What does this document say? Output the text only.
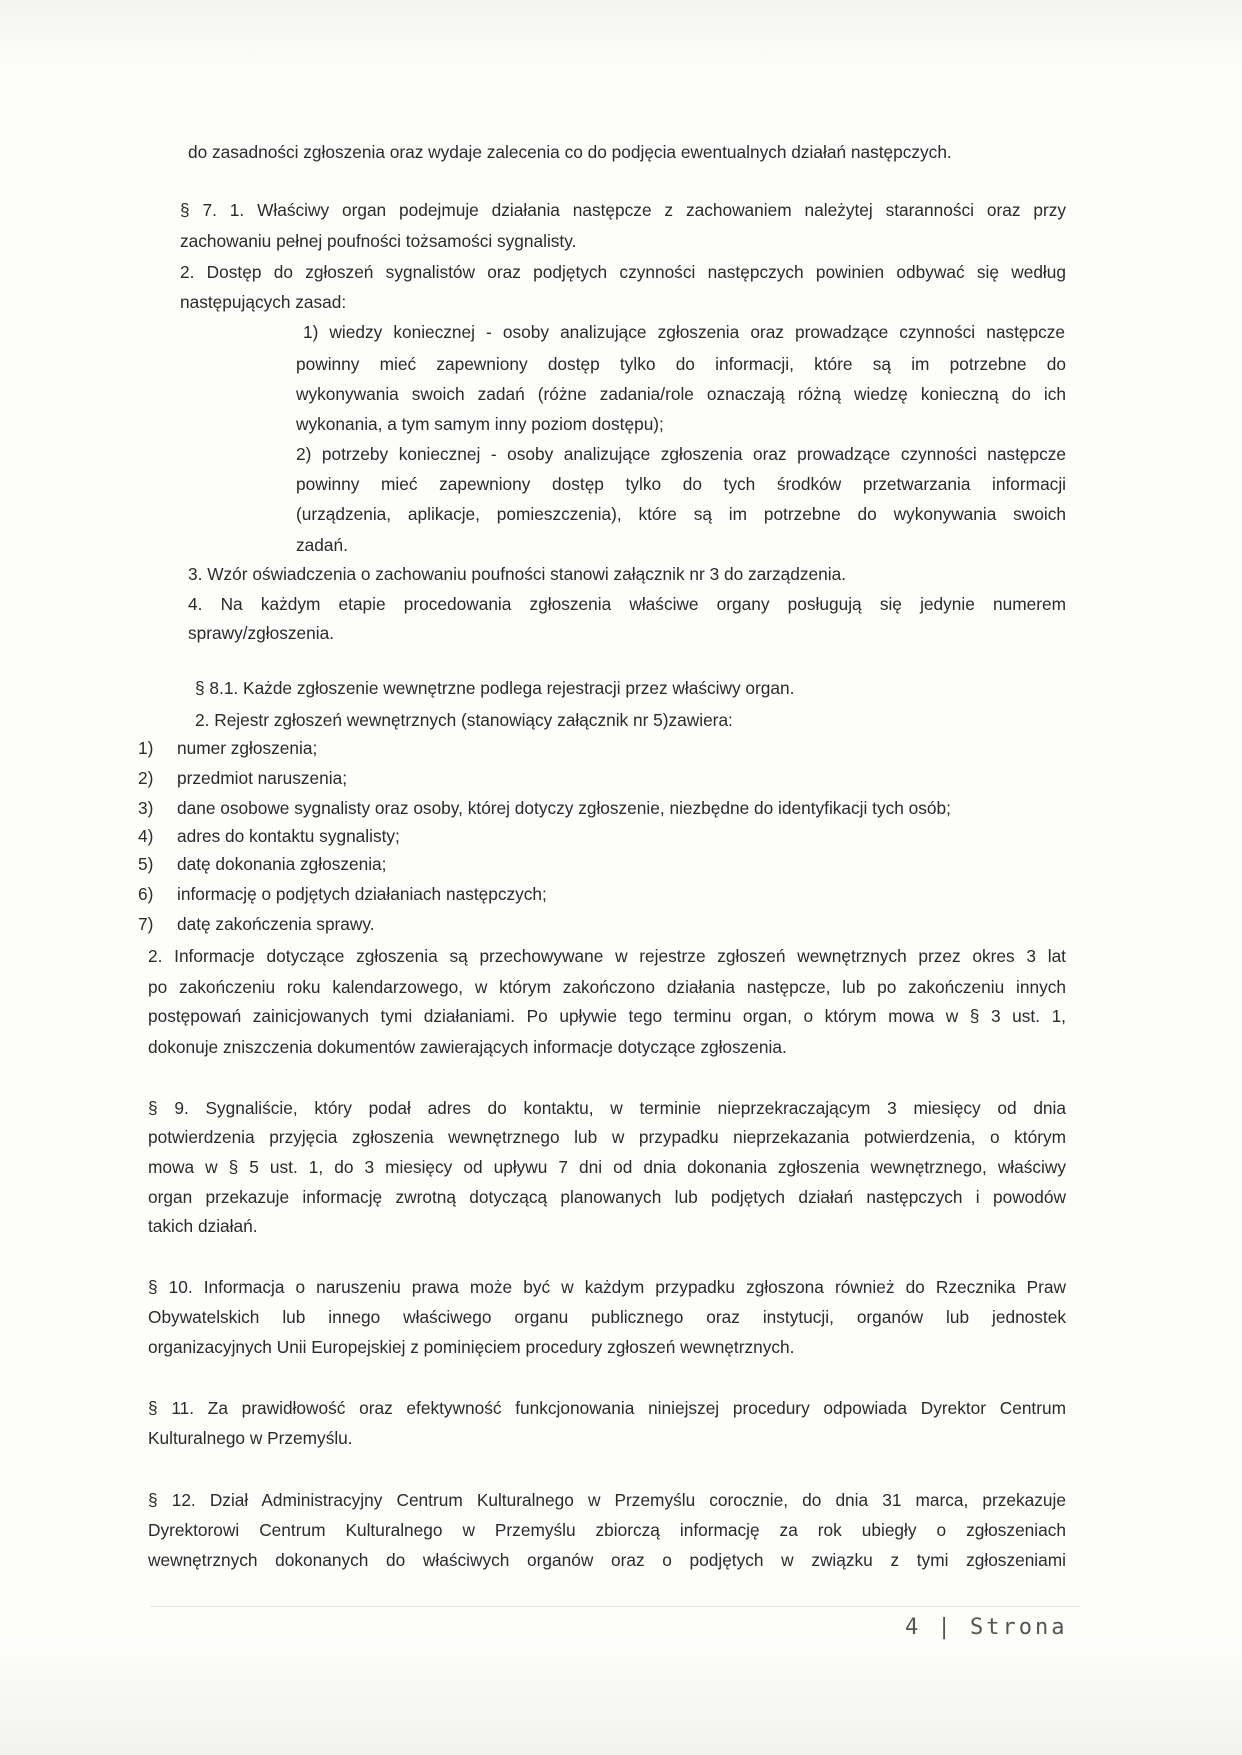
do zasadności zgłoszenia oraz wydaje zalecenia co do podjęcia ewentualnych działań następczych.
§ 7. 1. Właściwy organ podejmuje działania następcze z zachowaniem należytej staranności oraz przy
zachowaniu pełnej poufności tożsamości sygnalisty.
2. Dostęp do zgłoszeń sygnalistów oraz podjętych czynności następczych powinien odbywać się według
następujących zasad:
1) wiedzy koniecznej - osoby analizujące zgłoszenia oraz prowadzące czynności następcze
powinny mieć zapewniony dostęp tylko do informacji, które są im potrzebne do
wykonywania swoich zadań (różne zadania/role oznaczają różną wiedzę konieczną do ich
wykonania, a tym samym inny poziom dostępu);
2) potrzeby koniecznej - osoby analizujące zgłoszenia oraz prowadzące czynności następcze
powinny mieć zapewniony dostęp tylko do tych środków przetwarzania informacji
(urządzenia, aplikacje, pomieszczenia), które są im potrzebne do wykonywania swoich
zadań.
3. Wzór oświadczenia o zachowaniu poufności stanowi załącznik nr 3 do zarządzenia.
4. Na każdym etapie procedowania zgłoszenia właściwe organy posługują się jedynie numerem
sprawy/zgłoszenia.
§ 8.1. Każde zgłoszenie wewnętrzne podlega rejestracji przez właściwy organ.
2. Rejestr zgłoszeń wewnętrznych (stanowiący załącznik nr 5)zawiera:
1) numer zgłoszenia;
2) przedmiot naruszenia;
3) dane osobowe sygnalisty oraz osoby, której dotyczy zgłoszenie, niezbędne do identyfikacji tych osób;
4) adres do kontaktu sygnalisty;
5) datę dokonania zgłoszenia;
6) informację o podjętych działaniach następczych;
7) datę zakończenia sprawy.
2. Informacje dotyczące zgłoszenia są przechowywane w rejestrze zgłoszeń wewnętrznych przez okres 3 lat
po zakończeniu roku kalendarzowego, w którym zakończono działania następcze, lub po zakończeniu innych
postępowań zainicjowanych tymi działaniami. Po upływie tego terminu organ, o którym mowa w § 3 ust. 1,
dokonuje zniszczenia dokumentów zawierających informacje dotyczące zgłoszenia.
§ 9. Sygnaliście, który podał adres do kontaktu, w terminie nieprzekraczającym 3 miesięcy od dnia
potwierdzenia przyjęcia zgłoszenia wewnętrznego lub w przypadku nieprzekazania potwierdzenia, o którym
mowa w § 5 ust. 1, do 3 miesięcy od upływu 7 dni od dnia dokonania zgłoszenia wewnętrznego, właściwy
organ przekazuje informację zwrotną dotyczącą planowanych lub podjętych działań następczych i powodów
takich działań.
§ 10. Informacja o naruszeniu prawa może być w każdym przypadku zgłoszona również do Rzecznika Praw
Obywatelskich lub innego właściwego organu publicznego oraz instytucji, organów lub jednostek
organizacyjnych Unii Europejskiej z pominięciem procedury zgłoszeń wewnętrznych.
§ 11. Za prawidłowość oraz efektywność funkcjonowania niniejszej procedury odpowiada Dyrektor Centrum
Kulturalnego w Przemyślu.
§ 12. Dział Administracyjny Centrum Kulturalnego w Przemyślu corocznie, do dnia 31 marca, przekazuje
Dyrektorowi Centrum Kulturalnego w Przemyślu zbiorczą informację za rok ubiegły o zgłoszeniach
wewnętrznych dokonanych do właściwych organów oraz o podjętych w związku z tymi zgłoszeniami
4 | Strona
